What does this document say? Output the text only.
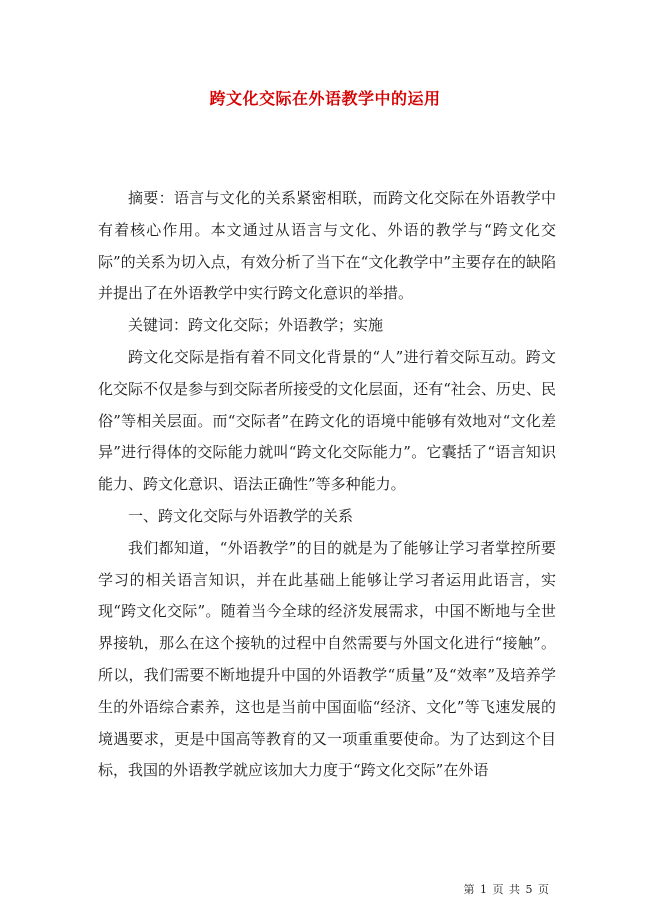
跨文化交际在外语教学中的运用

摘要：语言与文化的关系紧密相联，而跨文化交际在外语教学中有着核心作用。本文通过从语言与文化、外语的教学与“跨文化交际”的关系为切入点，有效分析了当下在“文化教学中”主要存在的缺陷并提出了在外语教学中实行跨文化意识的举措。

关键词：跨文化交际；外语教学；实施

跨文化交际是指有着不同文化背景的“人”进行着交际互动。跨文化交际不仅是参与到交际者所接受的文化层面，还有“社会、历史、民俗”等相关层面。而“交际者”在跨文化的语境中能够有效地对“文化差异”进行得体的交际能力就叫“跨文化交际能力”。它囊括了“语言知识能力、跨文化意识、语法正确性”等多种能力。

一、跨文化交际与外语教学的关系

我们都知道，“外语教学”的目的就是为了能够让学习者掌控所要学习的相关语言知识，并在此基础上能够让学习者运用此语言，实现“跨文化交际”。随着当今全球的经济发展需求，中国不断地与全世界接轨，那么在这个接轨的过程中自然需要与外国文化进行“接触”。所以，我们需要不断地提升中国的外语教学“质量”及“效率”及培养学生的外语综合素养，这也是当前中国面临“经济、文化”等飞速发展的境遇要求，更是中国高等教育的又一项重重要使命。为了达到这个目标，我国的外语教学就应该加大力度于“跨文化交际”在外语

第 1 页 共 5 页
